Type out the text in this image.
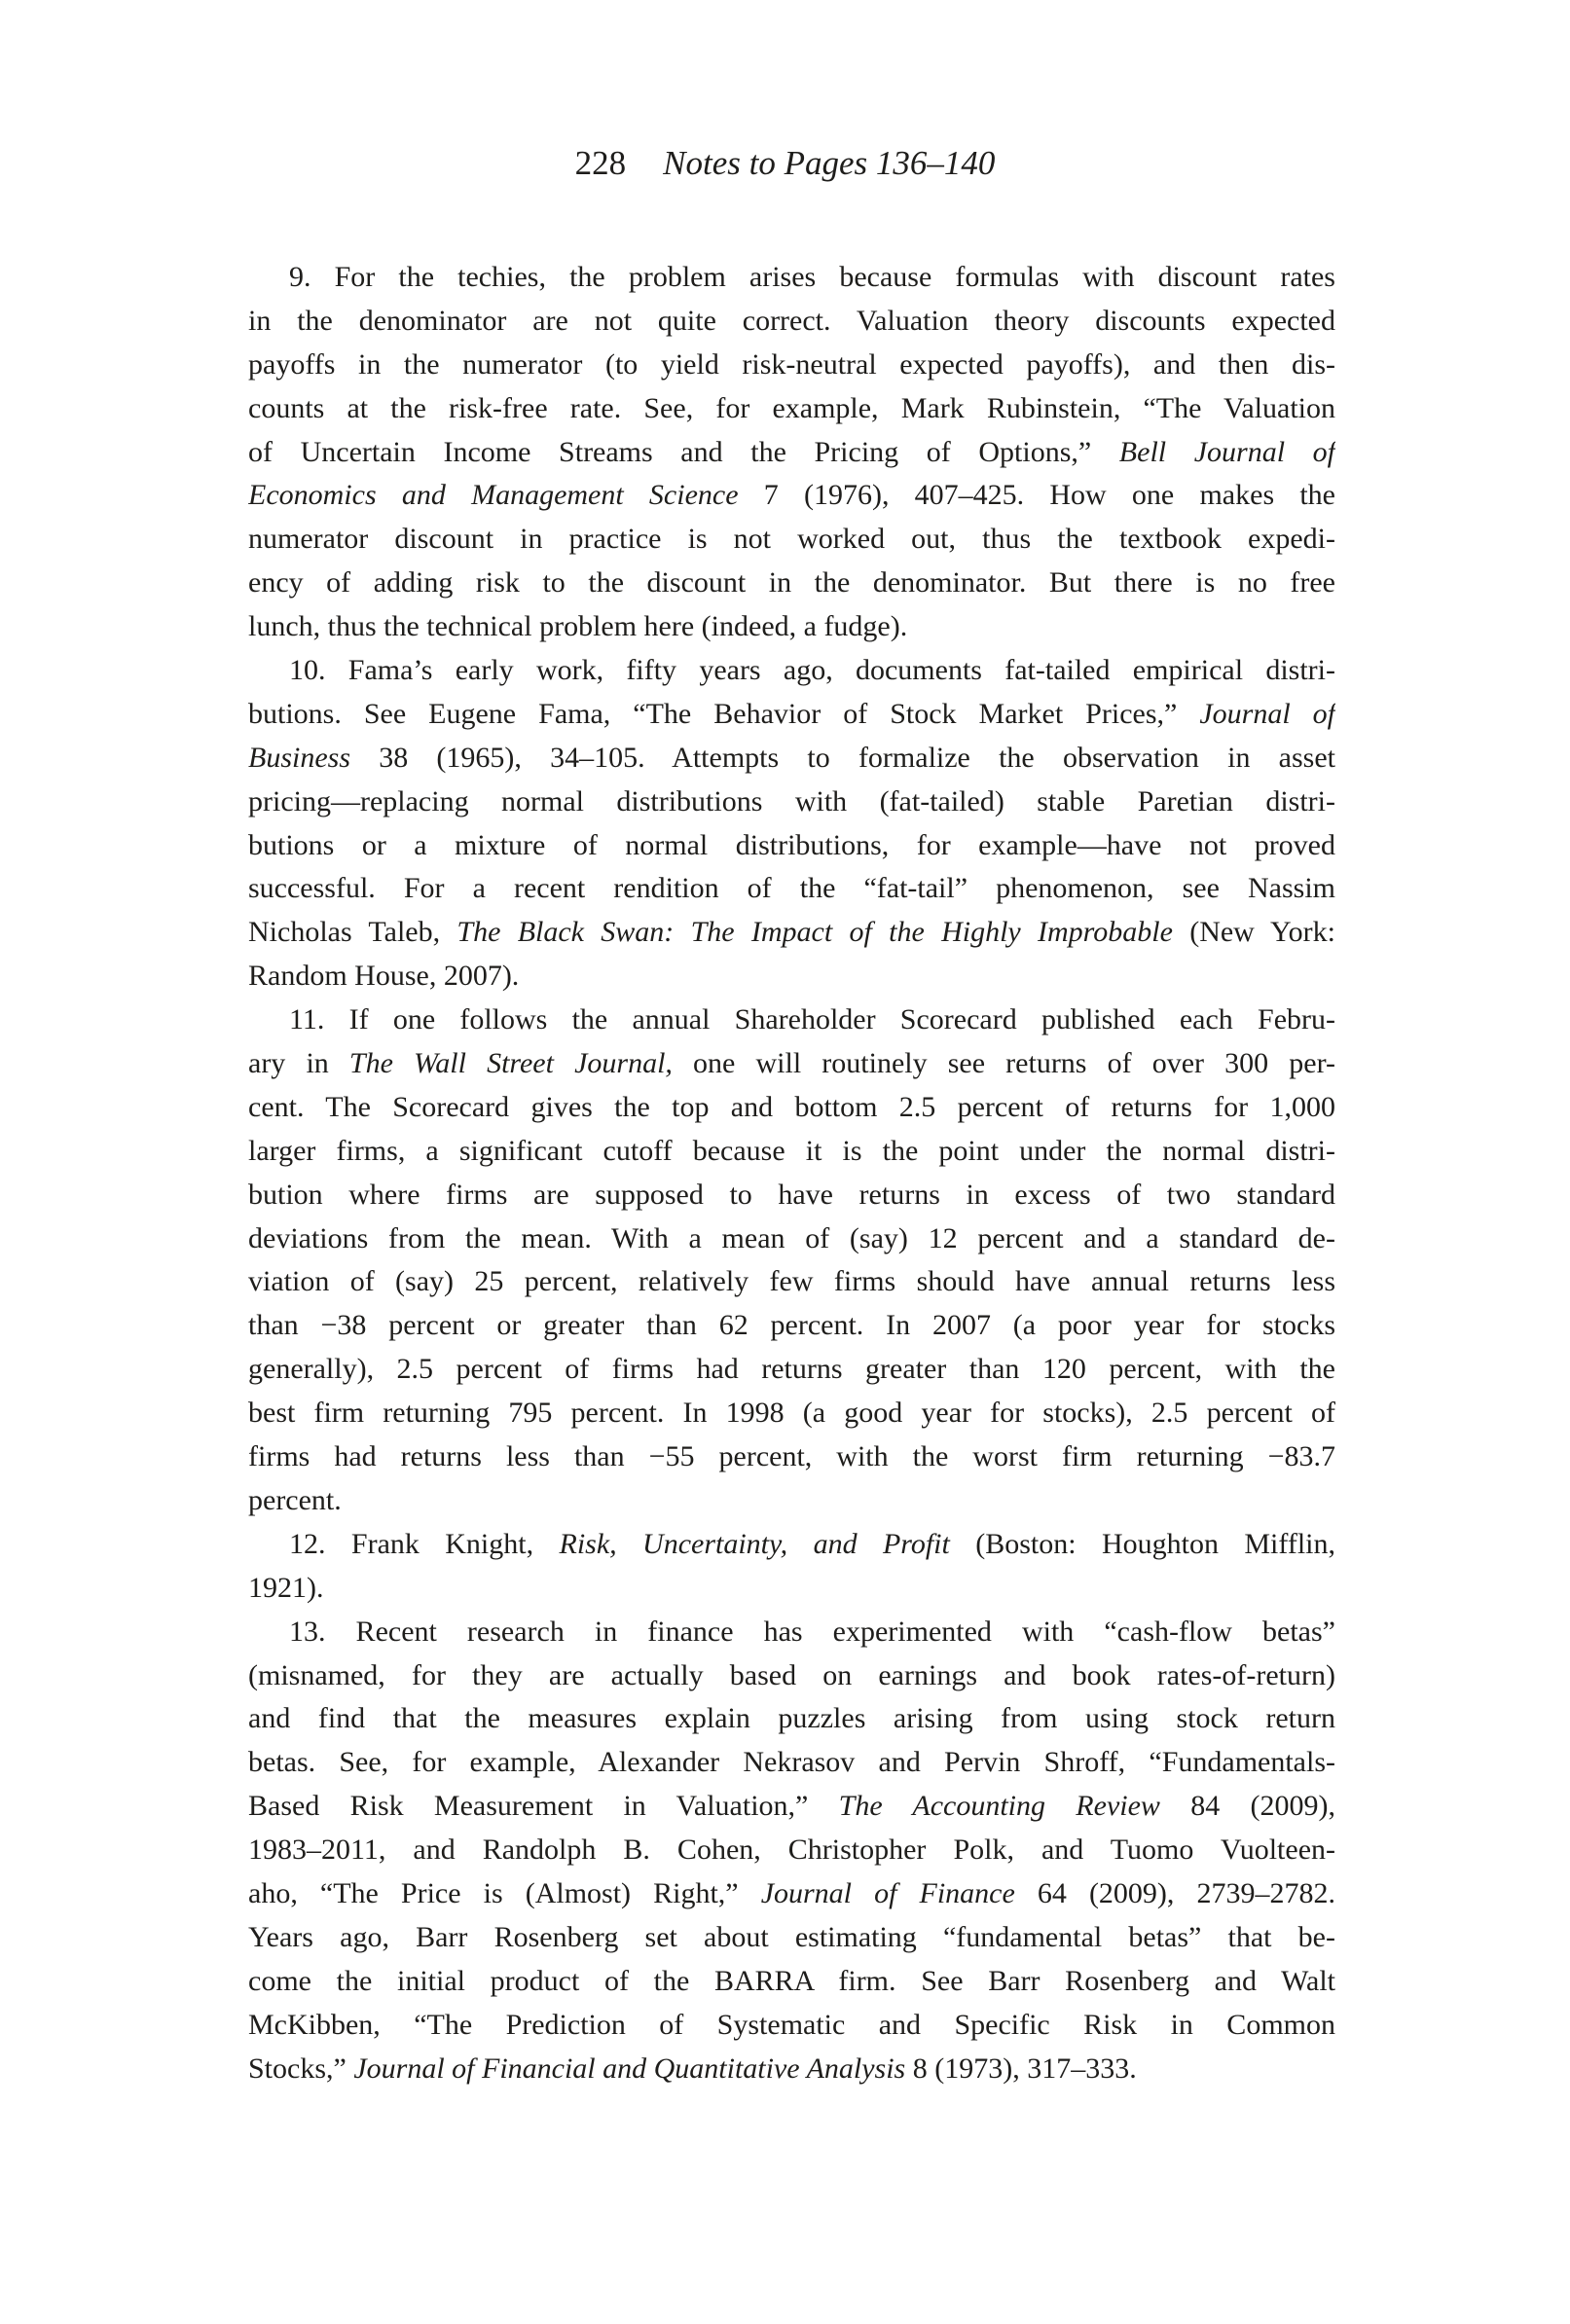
228 Notes to Pages 136–140
9. For the techies, the problem arises because formulas with discount rates
in the denominator are not quite correct. Valuation theory discounts expected
payoffs in the numerator (to yield risk-neutral expected payoffs), and then dis-
counts at the risk-free rate. See, for example, Mark Rubinstein, “The Valuation
of Uncertain Income Streams and the Pricing of Options,” Bell Journal of
Economics and Management Science 7 (1976), 407–425. How one makes the
numerator discount in practice is not worked out, thus the textbook expedi-
ency of adding risk to the discount in the denominator. But there is no free
lunch, thus the technical problem here (indeed, a fudge).
10. Fama’s early work, fifty years ago, documents fat-tailed empirical distri-
butions. See Eugene Fama, “The Behavior of Stock Market Prices,” Journal of
Business 38 (1965), 34–105. Attempts to formalize the observation in asset
pricing—replacing normal distributions with (fat-tailed) stable Paretian distri-
butions or a mixture of normal distributions, for example—have not proved
successful. For a recent rendition of the “fat-tail” phenomenon, see Nassim
Nicholas Taleb, The Black Swan: The Impact of the Highly Improbable (New York:
Random House, 2007).
11. If one follows the annual Shareholder Scorecard published each Febru-
ary in The Wall Street Journal, one will routinely see returns of over 300 per-
cent. The Scorecard gives the top and bottom 2.5 percent of returns for 1,000
larger firms, a significant cutoff because it is the point under the normal distri-
bution where firms are supposed to have returns in excess of two standard
deviations from the mean. With a mean of (say) 12 percent and a standard de-
viation of (say) 25 percent, relatively few firms should have annual returns less
than −38 percent or greater than 62 percent. In 2007 (a poor year for stocks
generally), 2.5 percent of firms had returns greater than 120 percent, with the
best firm returning 795 percent. In 1998 (a good year for stocks), 2.5 percent of
firms had returns less than −55 percent, with the worst firm returning −83.7
percent.
12. Frank Knight, Risk, Uncertainty, and Profit (Boston: Houghton Mifflin,
1921).
13. Recent research in finance has experimented with “cash-flow betas”
(misnamed, for they are actually based on earnings and book rates-of-return)
and find that the measures explain puzzles arising from using stock return
betas. See, for example, Alexander Nekrasov and Pervin Shroff, “Fundamentals-
Based Risk Measurement in Valuation,” The Accounting Review 84 (2009),
1983–2011, and Randolph B. Cohen, Christopher Polk, and Tuomo Vuolteen-
aho, “The Price is (Almost) Right,” Journal of Finance 64 (2009), 2739–2782.
Years ago, Barr Rosenberg set about estimating “fundamental betas” that be-
come the initial product of the BARRA firm. See Barr Rosenberg and Walt
McKibben, “The Prediction of Systematic and Specific Risk in Common
Stocks,” Journal of Financial and Quantitative Analysis 8 (1973), 317–333.
